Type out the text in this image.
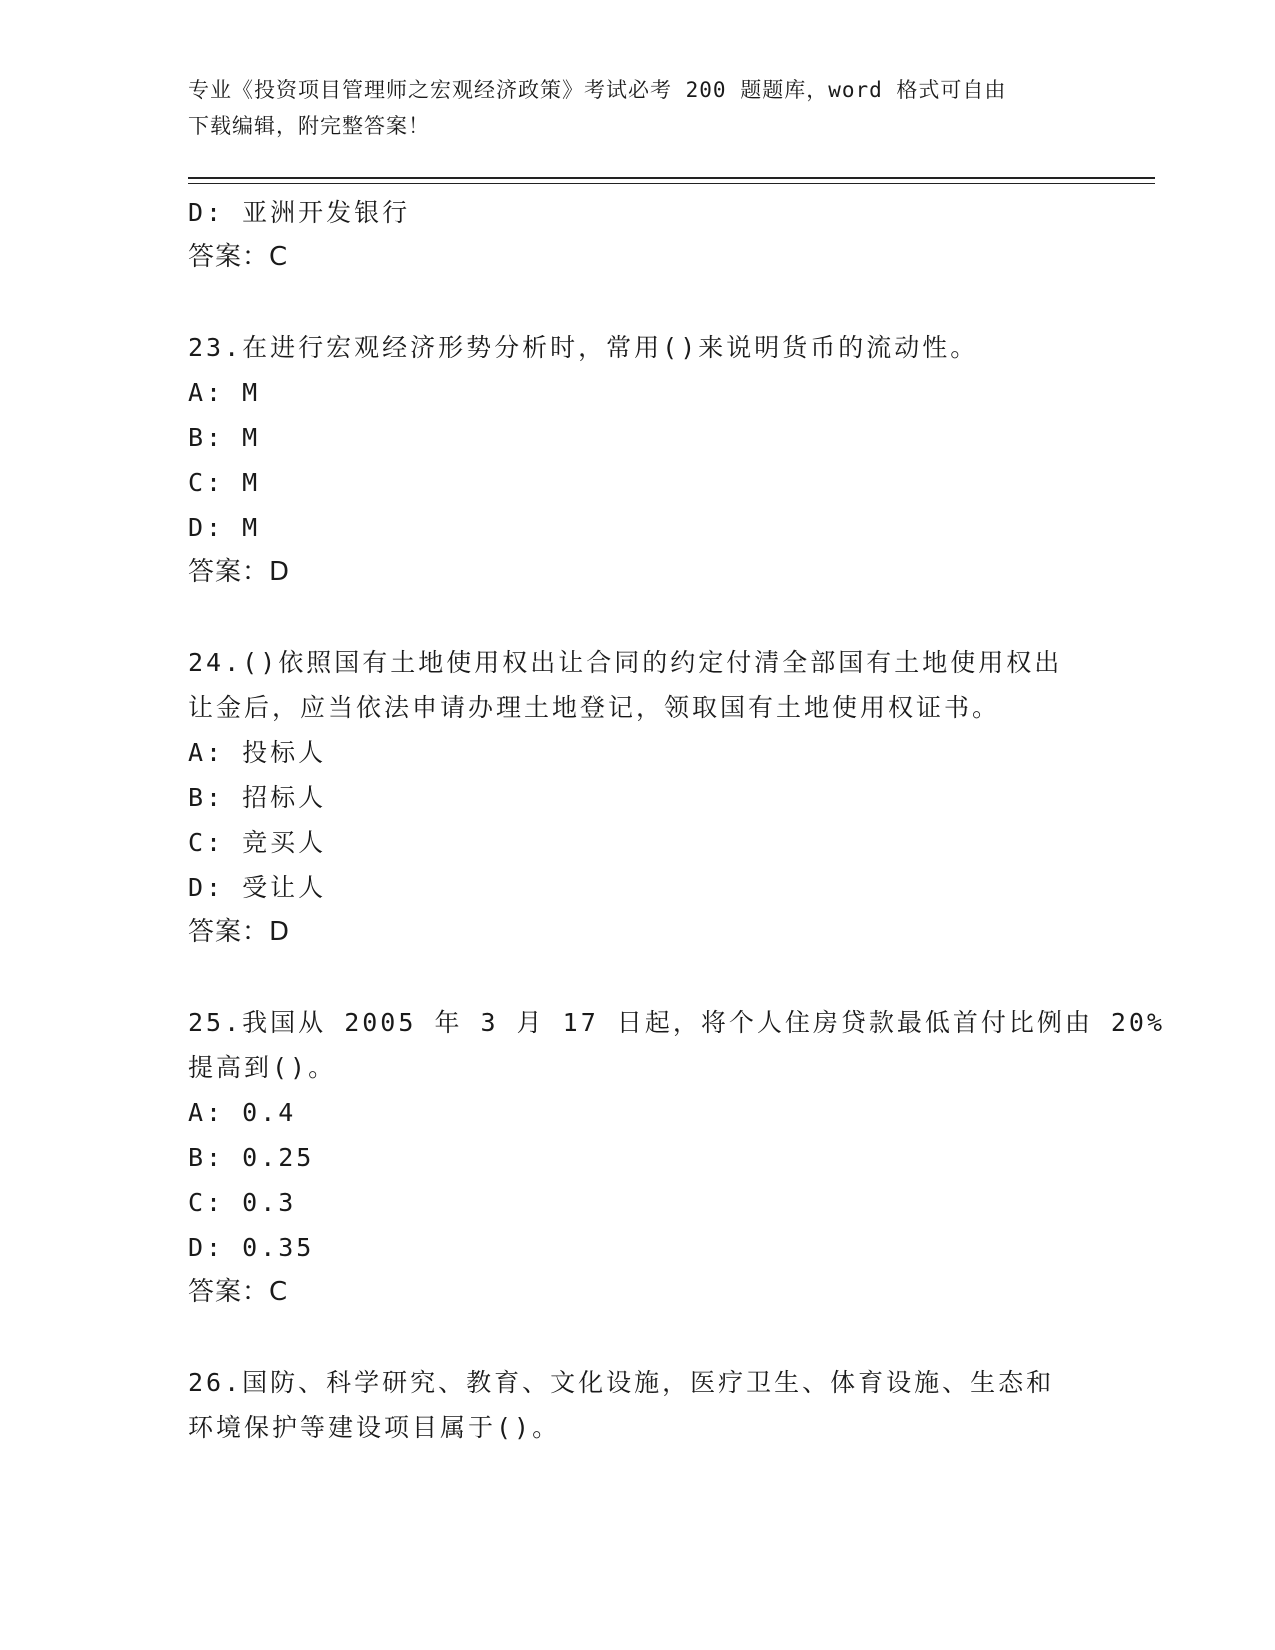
专业《投资项目管理师之宏观经济政策》考试必考 200 题题库，word 格式可自由
下载编辑，附完整答案！
D: 亚洲开发银行
答案：C
23.在进行宏观经济形势分析时，常用()来说明货币的流动性。
A: M
B: M
C: M
D: M
答案：D
24.()依照国有土地使用权出让合同的约定付清全部国有土地使用权出
让金后，应当依法申请办理土地登记，领取国有土地使用权证书。
A: 投标人
B: 招标人
C: 竞买人
D: 受让人
答案：D
25.我国从 2005 年 3 月 17 日起，将个人住房贷款最低首付比例由 20%
提高到()。
A: 0.4
B: 0.25
C: 0.3
D: 0.35
答案：C
26.国防、科学研究、教育、文化设施，医疗卫生、体育设施、生态和
环境保护等建设项目属于()。
